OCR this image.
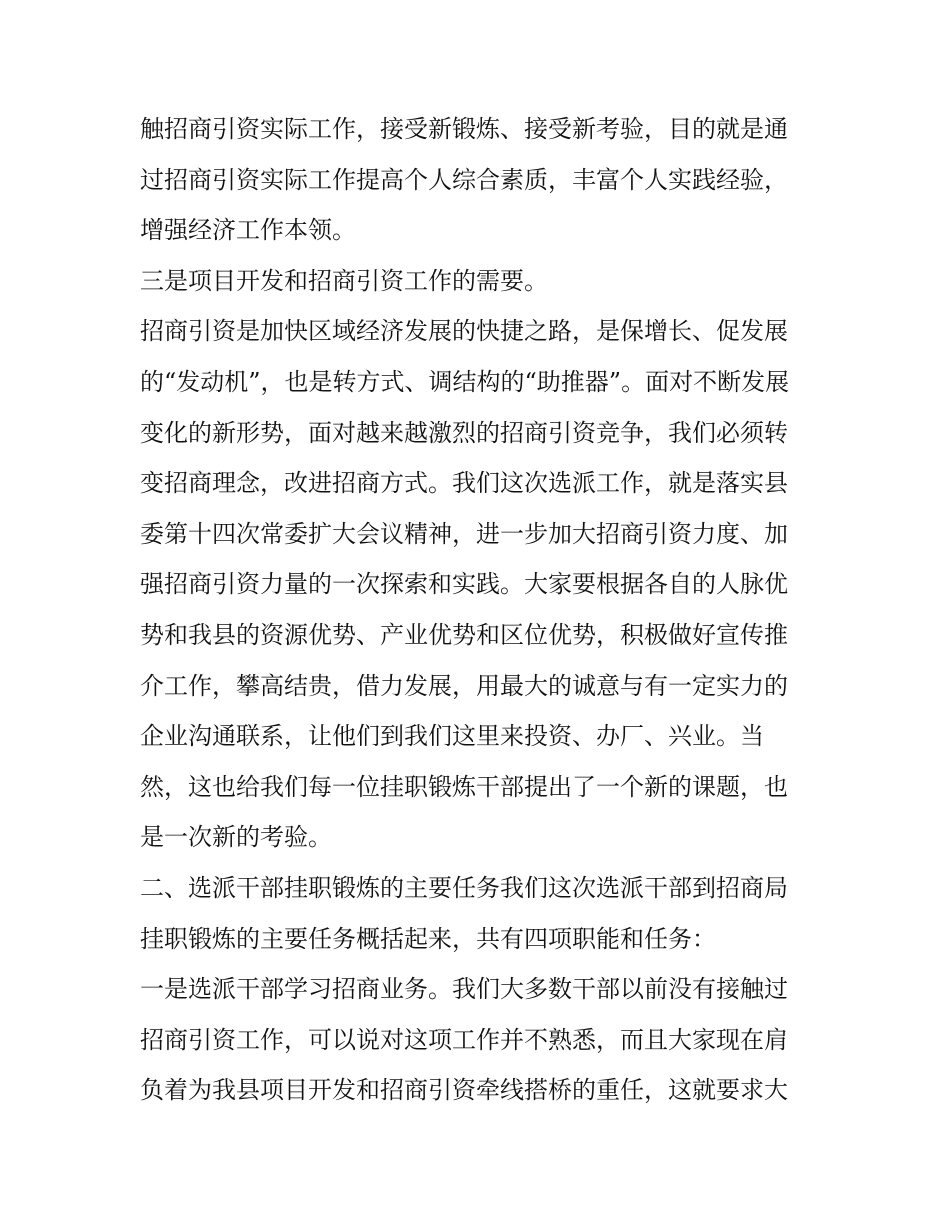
触招商引资实际工作，接受新锻炼、接受新考验，目的就是通
过招商引资实际工作提高个人综合素质，丰富个人实践经验，
增强经济工作本领。
三是项目开发和招商引资工作的需要。
招商引资是加快区域经济发展的快捷之路，是保增长、促发展
的“发动机”，也是转方式、调结构的“助推器”。面对不断发展
变化的新形势，面对越来越激烈的招商引资竞争，我们必须转
变招商理念，改进招商方式。我们这次选派工作，就是落实县
委第十四次常委扩大会议精神，进一步加大招商引资力度、加
强招商引资力量的一次探索和实践。大家要根据各自的人脉优
势和我县的资源优势、产业优势和区位优势，积极做好宣传推
介工作，攀高结贵，借力发展，用最大的诚意与有一定实力的
企业沟通联系，让他们到我们这里来投资、办厂、兴业。当
然，这也给我们每一位挂职锻炼干部提出了一个新的课题，也
是一次新的考验。
二、选派干部挂职锻炼的主要任务我们这次选派干部到招商局
挂职锻炼的主要任务概括起来，共有四项职能和任务：
一是选派干部学习招商业务。我们大多数干部以前没有接触过
招商引资工作，可以说对这项工作并不熟悉，而且大家现在肩
负着为我县项目开发和招商引资牵线搭桥的重任，这就要求大
